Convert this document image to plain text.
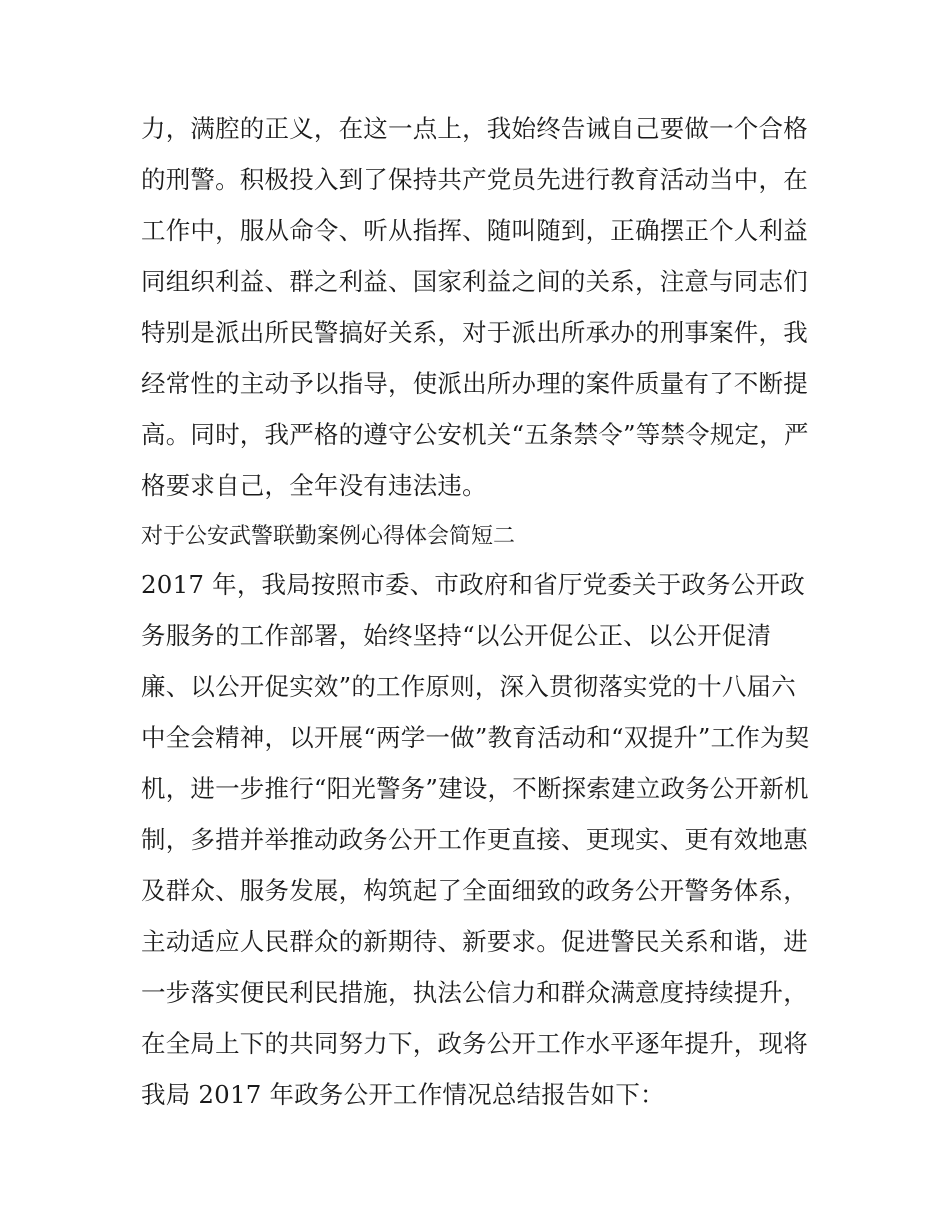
力，满腔的正义，在这一点上，我始终告诫自己要做一个合格
的刑警。积极投入到了保持共产党员先进行教育活动当中，在
工作中，服从命令、听从指挥、随叫随到，正确摆正个人利益
同组织利益、群之利益、国家利益之间的关系，注意与同志们
特别是派出所民警搞好关系，对于派出所承办的刑事案件，我
经常性的主动予以指导，使派出所办理的案件质量有了不断提
高。同时，我严格的遵守公安机关“五条禁令”等禁令规定，严
格要求自己，全年没有违法违。
对于公安武警联勤案例心得体会简短二
2017 年，我局按照市委、市政府和省厅党委关于政务公开政
务服务的工作部署，始终坚持“以公开促公正、以公开促清
廉、以公开促实效”的工作原则，深入贯彻落实党的十八届六
中全会精神，以开展“两学一做”教育活动和“双提升”工作为契
机，进一步推行“阳光警务”建设，不断探索建立政务公开新机
制，多措并举推动政务公开工作更直接、更现实、更有效地惠
及群众、服务发展，构筑起了全面细致的政务公开警务体系，
主动适应人民群众的新期待、新要求。促进警民关系和谐，进
一步落实便民利民措施，执法公信力和群众满意度持续提升，
在全局上下的共同努力下，政务公开工作水平逐年提升，现将
我局 2017 年政务公开工作情况总结报告如下：
